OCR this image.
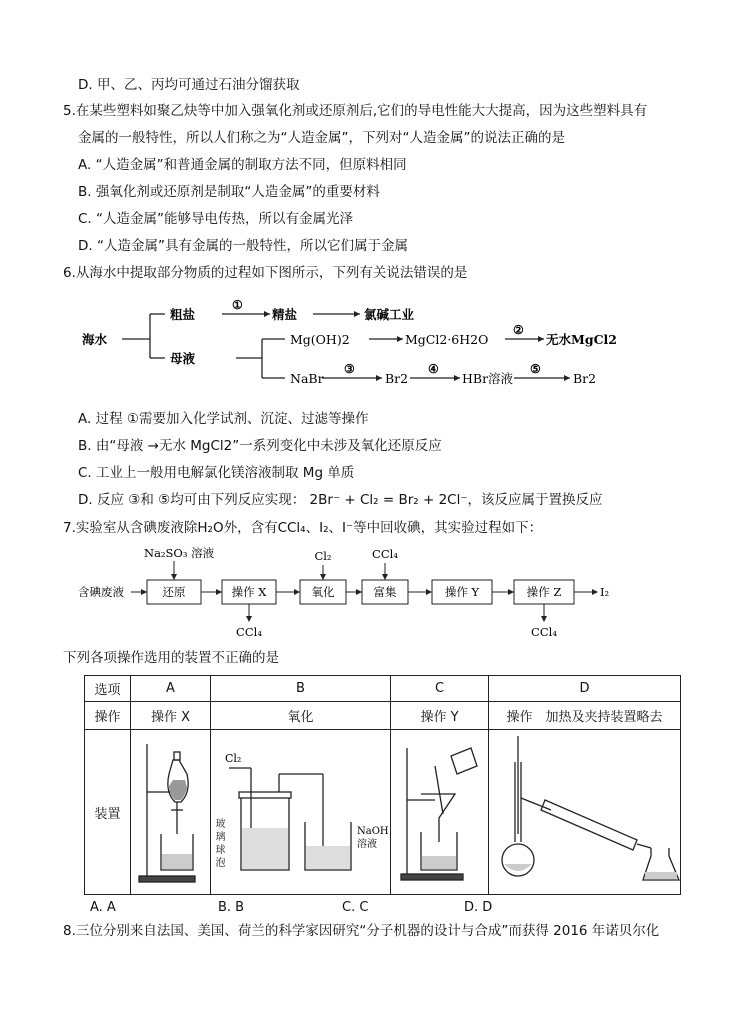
D. 甲、乙、丙均可通过石油分馏获取
5.在某些塑料如聚乙炔等中加入强氧化剂或还原剂后,它们的导电性能大大提高，因为这些塑料具有
金属的一般特性，所以人们称之为“人造金属”，下列对“人造金属”的说法正确的是
A. “人造金属”和普通金属的制取方法不同，但原料相同
B. 强氧化剂或还原剂是制取“人造金属”的重要材料
C. “人造金属”能够导电传热，所以有金属光泽
D. “人造金属”具有金属的一般特性，所以它们属于金属
6.从海水中提取部分物质的过程如下图所示，下列有关说法错误的是
海水
粗盐
①
精盐	氯碱工业
母液
Mg(OH)2	MgCl2·6H2O
②
无水MgCl2
NaBr
③
Br2
④
HBr溶液
⑤
Br2
A. 过程 ①需要加入化学试剂、沉淀、过滤等操作
B. 由“母液 →无水 MgCl2”一系列变化中未涉及氧化还原反应
C. 工业上一般用电解氯化镁溶液制取 Mg 单质
D. 反应 ③和 ⑤均可由下列反应实现： 2Br⁻ + Cl₂ = Br₂ + 2Cl⁻，该反应属于置换反应
7.实验室从含碘废液除H₂O外，含有CCl₄、I₂、I⁻等中回收碘，其实验过程如下：
含碘废液
Na₂SO₃ 溶液
还原	操作 X
CCl₄
Cl₂
氧化
CCl₄
富集	操作 Y	操作 Z
CCl₄
I₂
下列各项操作选用的装置不正确的是
选项	A	B	C	D
操作	操作 X	氧化	操作 Y	操作　加热及夹持装置略去
装置		Cl₂
NaOH
溶液
玻璃球泡

A. A	B. B	C. C	D. D
8.三位分别来自法国、美国、荷兰的科学家因研究“分子机器的设计与合成”而获得 2016 年诺贝尔化
